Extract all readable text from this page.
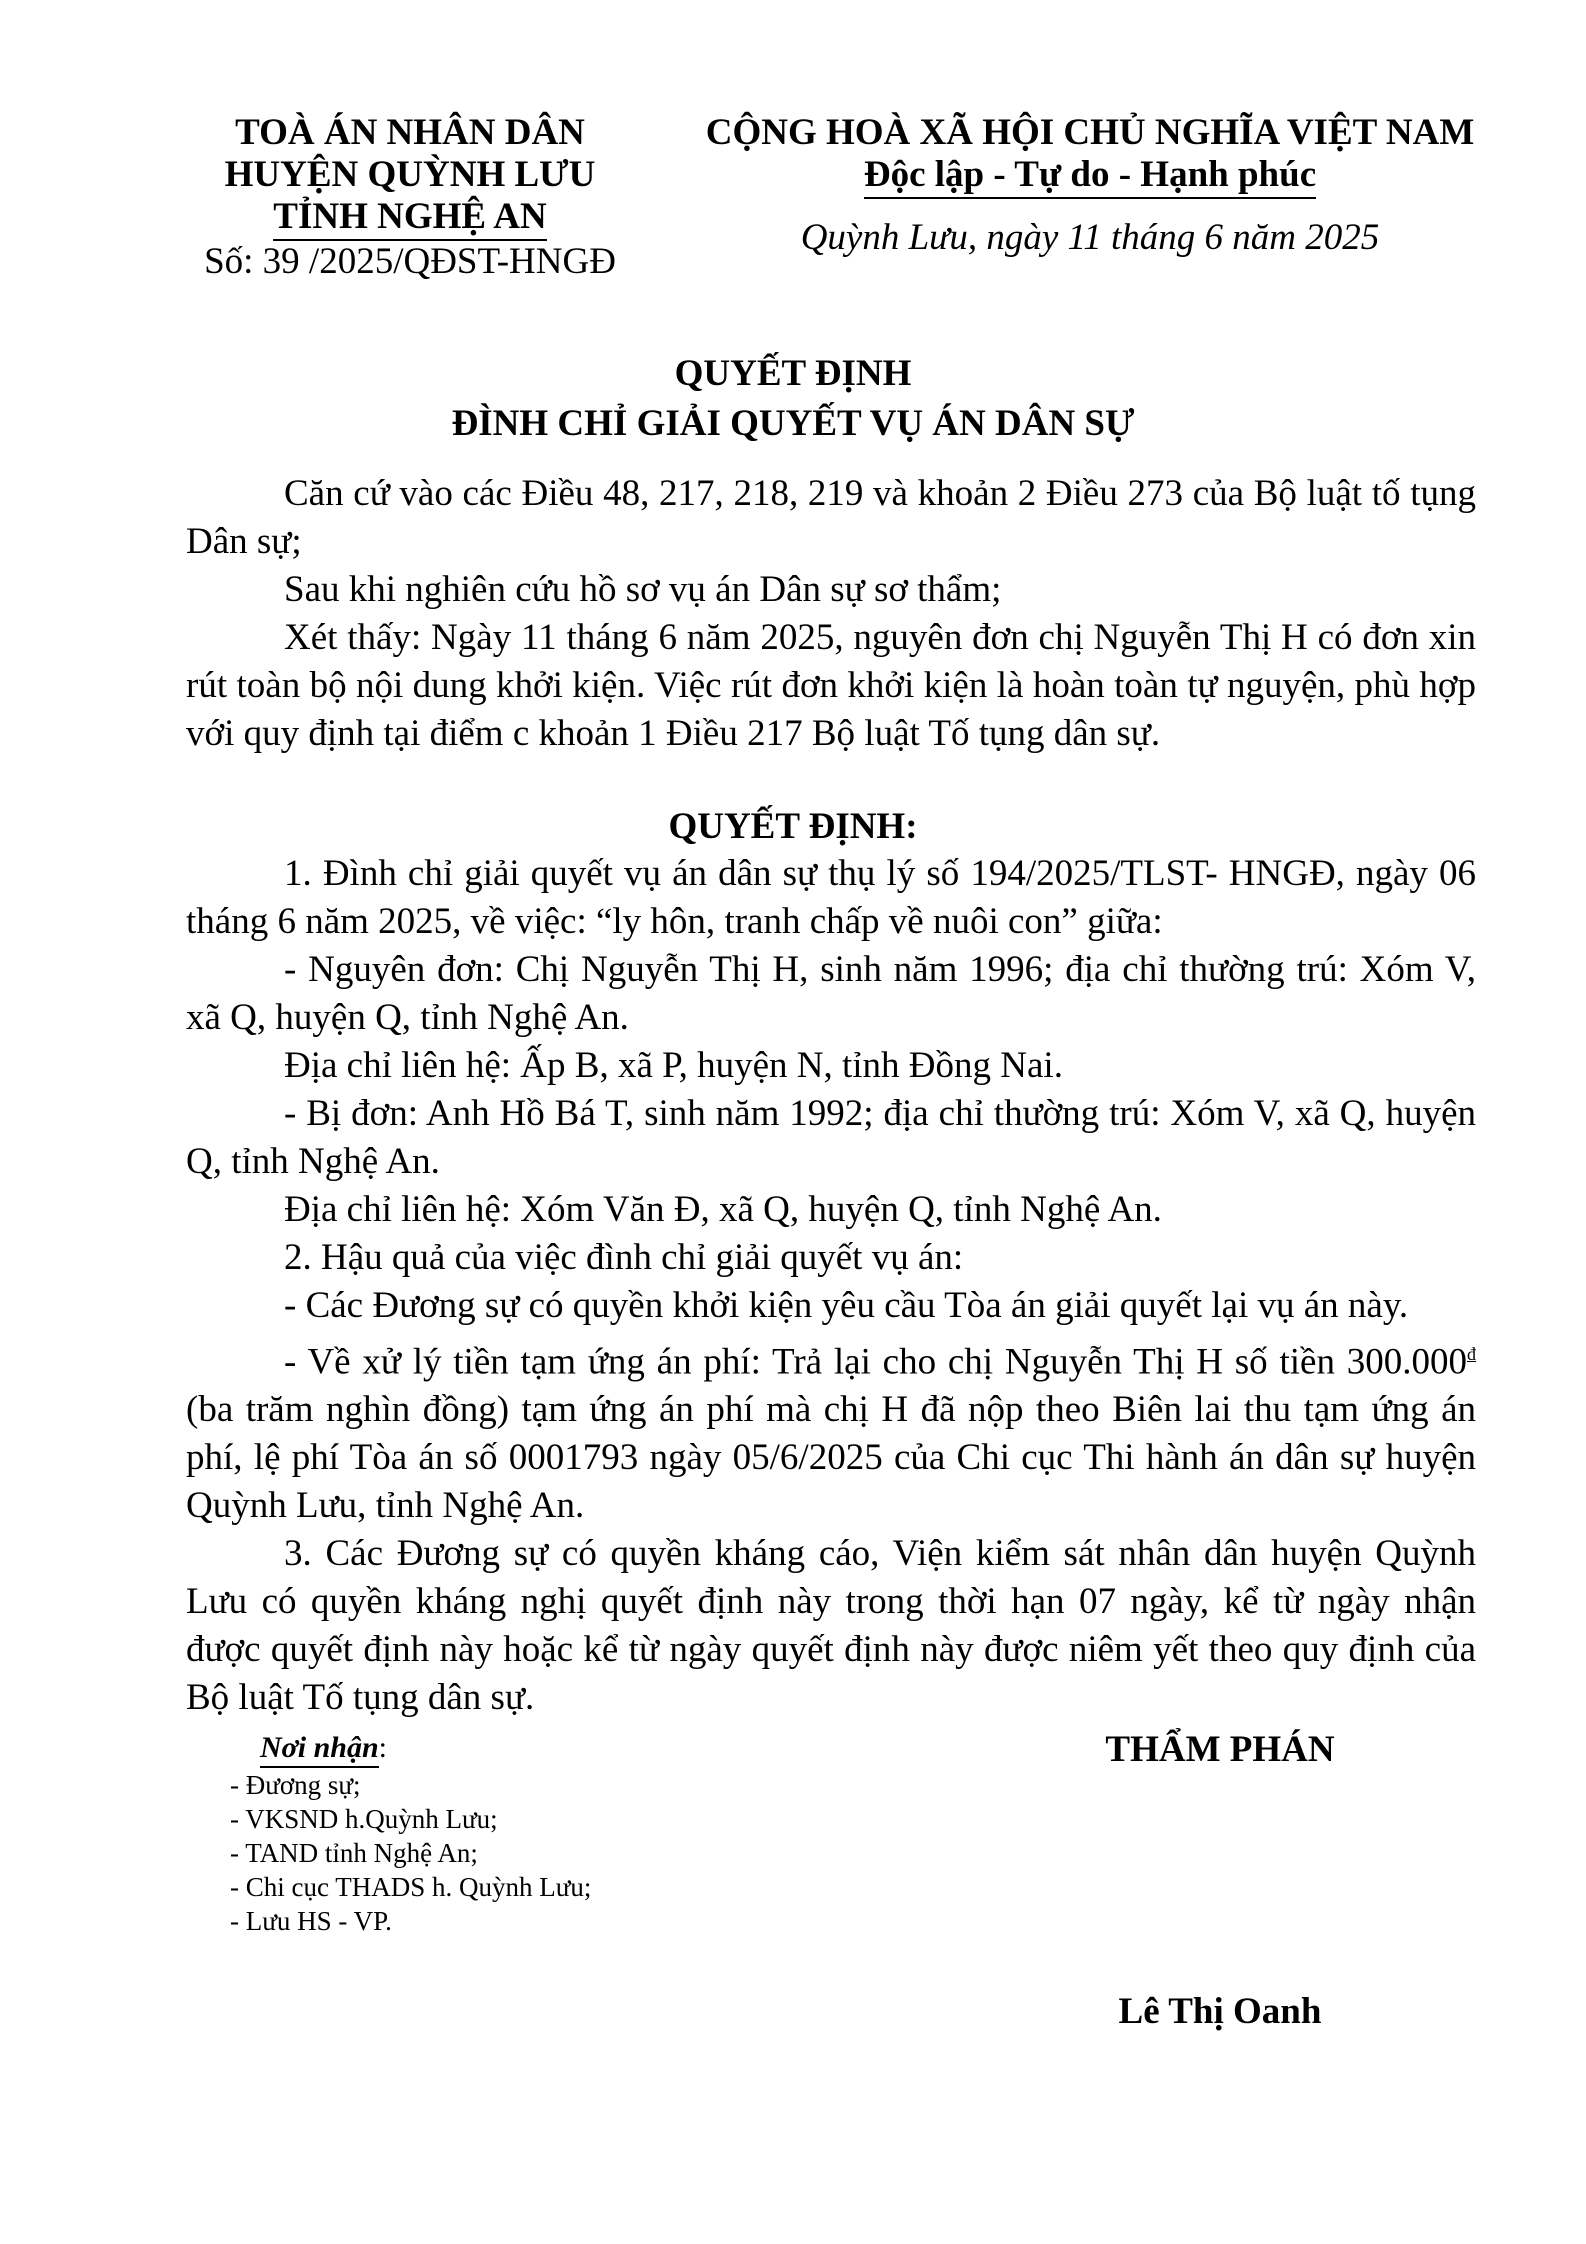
TOÀ ÁN NHÂN DÂN
HUYỆN QUỲNH LƯU
TỈNH NGHỆ AN
Số: 39 /2025/QĐST-HNGĐ
CỘNG HOÀ XÃ HỘI CHỦ NGHĨA VIỆT NAM
Độc lập - Tự do - Hạnh phúc
Quỳnh Lưu, ngày 11 tháng 6 năm 2025
QUYẾT ĐỊNH
ĐÌNH CHỈ GIẢI QUYẾT VỤ ÁN DÂN SỰ

Căn cứ vào các Điều 48, 217, 218, 219 và khoản 2 Điều 273 của Bộ luật tố tụng Dân sự;

Sau khi nghiên cứu hồ sơ vụ án Dân sự sơ thẩm;

Xét thấy: Ngày 11 tháng 6 năm 2025, nguyên đơn chị Nguyễn Thị H có đơn xin rút toàn bộ nội dung khởi kiện. Việc rút đơn khởi kiện là hoàn toàn tự nguyện, phù hợp với quy định tại điểm c khoản 1 Điều 217 Bộ luật Tố tụng dân sự.

QUYẾT ĐỊNH:

1. Đình chỉ giải quyết vụ án dân sự thụ lý số 194/2025/TLST- HNGĐ, ngày 06 tháng 6 năm 2025, về việc: “ly hôn, tranh chấp về nuôi con” giữa:

- Nguyên đơn: Chị Nguyễn Thị H, sinh năm 1996; địa chỉ thường trú: Xóm V, xã Q, huyện Q, tỉnh Nghệ An.

Địa chỉ liên hệ: Ấp B, xã P, huyện N, tỉnh Đồng Nai.

- Bị đơn: Anh Hồ Bá T, sinh năm 1992; địa chỉ thường trú: Xóm V, xã Q, huyện Q, tỉnh Nghệ An.

Địa chỉ liên hệ: Xóm Văn Đ, xã Q, huyện Q, tỉnh Nghệ An.

2. Hậu quả của việc đình chỉ giải quyết vụ án:

- Các Đương sự có quyền khởi kiện yêu cầu Tòa án giải quyết lại vụ án này.

- Về xử lý tiền tạm ứng án phí: Trả lại cho chị Nguyễn Thị H số tiền $300.000^đ$ (ba trăm nghìn đồng) tạm ứng án phí mà chị H đã nộp theo Biên lai thu tạm ứng án phí, lệ phí Tòa án số 0001793 ngày 05/6/2025 của Chi cục Thi hành án dân sự huyện Quỳnh Lưu, tỉnh Nghệ An.

3. Các Đương sự có quyền kháng cáo, Viện kiểm sát nhân dân huyện Quỳnh Lưu có quyền kháng nghị quyết định này trong thời hạn 07 ngày, kể từ ngày nhận được quyết định này hoặc kể từ ngày quyết định này được niêm yết theo quy định của Bộ luật Tố tụng dân sự.

Nơi nhận:
- Đương sự;
- VKSND h.Quỳnh Lưu;
- TAND tỉnh Nghệ An;
- Chi cục THADS h. Quỳnh Lưu;
- Lưu HS - VP.
THẨM PHÁN
Lê Thị Oanh
